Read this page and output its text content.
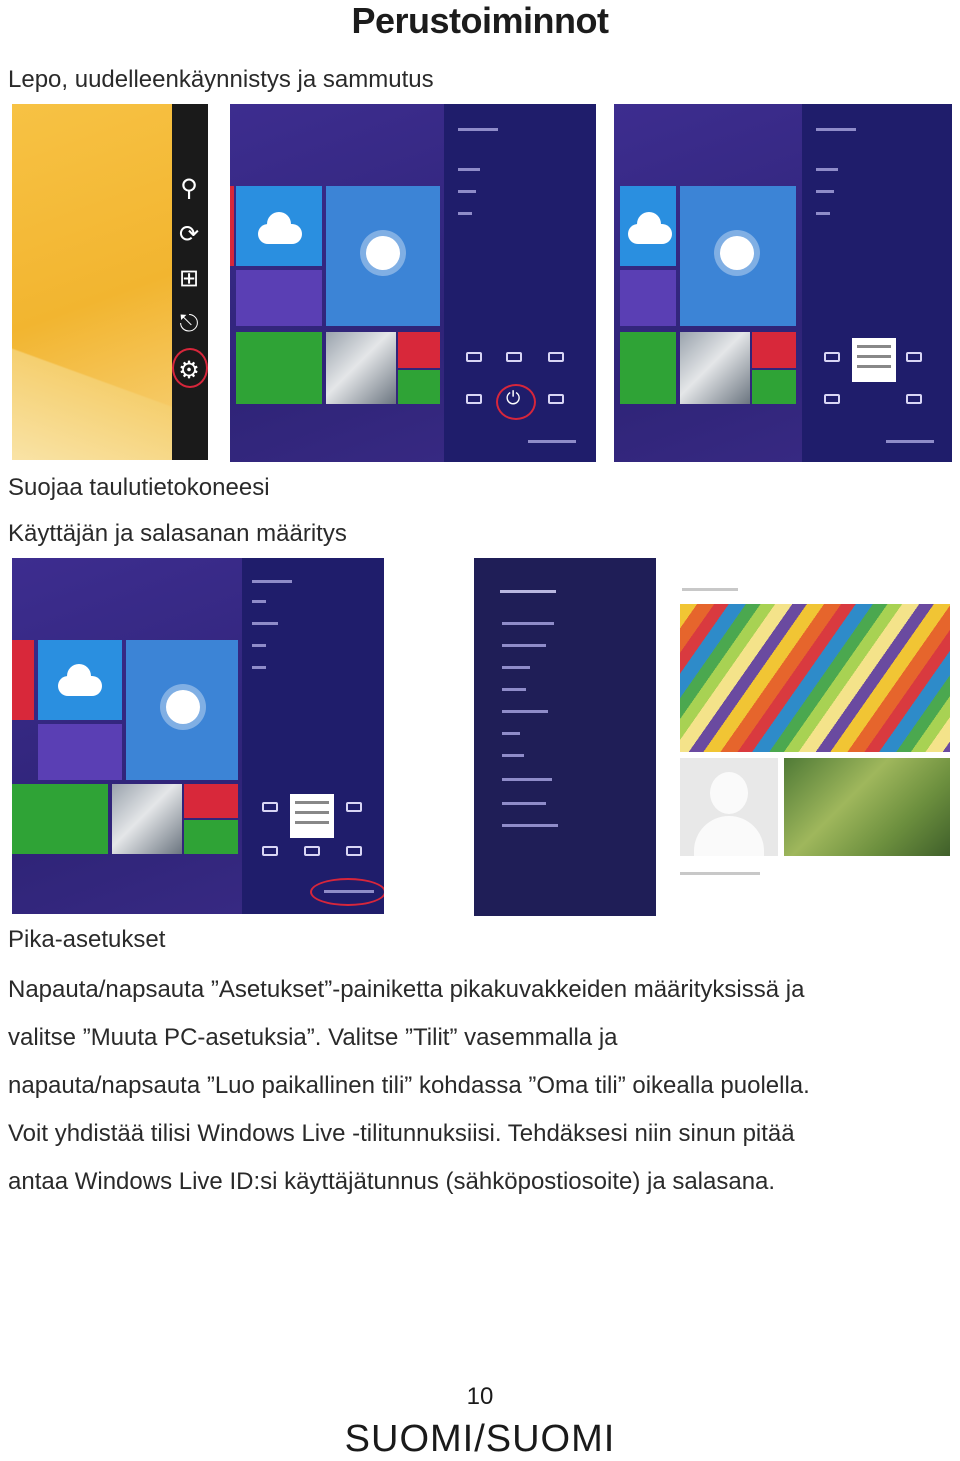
Perustoiminnot
Lepo, uudelleenkäynnistys ja sammutus
⚲
⟳
⊞
⎋
⚙
⏻
Suojaa taulutietokoneesi
Käyttäjän ja salasanan määritys
Pika-asetukset
Napauta/napsauta ”Asetukset”-painiketta pikakuvakkeiden määrityksissä ja
valitse ”Muuta PC-asetuksia”. Valitse ”Tilit” vasemmalla ja
napauta/napsauta ”Luo paikallinen tili” kohdassa ”Oma tili” oikealla puolella.
Voit yhdistää tilisi Windows Live -tilitunnuksiisi. Tehdäksesi niin sinun pitää
antaa Windows Live ID:si käyttäjätunnus (sähköpostiosoite) ja salasana.
10
SUOMI/SUOMI
